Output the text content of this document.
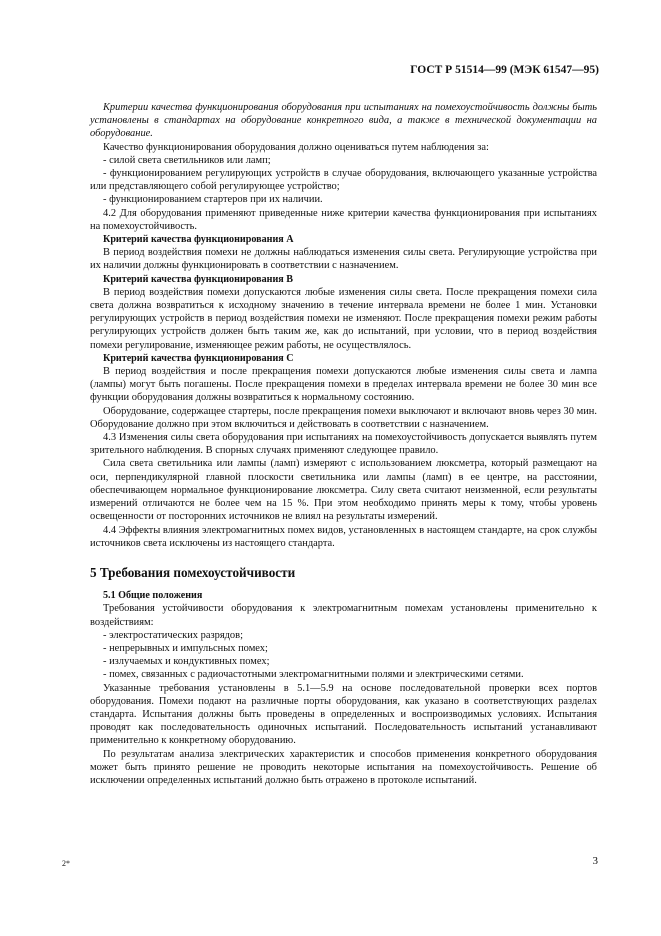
ГОСТ Р 51514—99 (МЭК 61547—95)

Критерии качества функционирования оборудования при испытаниях на помехоустойчивость должны быть установлены в стандартах на оборудование конкретного вида, а также в технической документации на оборудование.

Качество функционирования оборудования должно оцениваться путем наблюдения за:

- силой света светильников или ламп;

- функционированием регулирующих устройств в случае оборудования, включающего указанные устройства или представляющего собой регулирующее устройство;

- функционированием стартеров при их наличии.

4.2 Для оборудования применяют приведенные ниже критерии качества функционирования при испытаниях на помехоустойчивость.

Критерий качества функционирования А

В период воздействия помехи не должны наблюдаться изменения силы света. Регулирующие устройства при их наличии должны функционировать в соответствии с назначением.

Критерий качества функционирования В

В период воздействия помехи допускаются любые изменения силы света. После прекращения помехи сила света должна возвратиться к исходному значению в течение интервала времени не более 1 мин. Установки регулирующих устройств в период воздействия помехи не изменяют. После прекращения помехи режим работы регулирующих устройств должен быть таким же, как до испытаний, при условии, что в период воздействия помехи регулирование, изменяющее режим работы, не осуществлялось.

Критерий качества функционирования С

В период воздействия и после прекращения помехи допускаются любые изменения силы света и лампа (лампы) могут быть погашены. После прекращения помехи в пределах интервала времени не более 30 мин все функции оборудования должны возвратиться к нормальному состоянию.

Оборудование, содержащее стартеры, после прекращения помехи выключают и включают вновь через 30 мин. Оборудование должно при этом включиться и действовать в соответствии с назначением.

4.3 Изменения силы света оборудования при испытаниях на помехоустойчивость допускается выявлять путем зрительного наблюдения. В спорных случаях применяют следующее правило.

Сила света светильника или лампы (ламп) измеряют с использованием люксметра, который размещают на оси, перпендикулярной главной плоскости светильника или лампы (ламп) в ее центре, на расстоянии, обеспечивающем нормальное функционирование люксметра. Силу света считают неизменной, если результаты измерений отличаются не более чем на 15 %. При этом необходимо принять меры к тому, чтобы уровень освещенности от посторонних источников не влиял на результаты измерений.

4.4 Эффекты влияния электромагнитных помех видов, установленных в настоящем стандарте, на срок службы источников света исключены из настоящего стандарта.

5 Требования помехоустойчивости

5.1 Общие положения

Требования устойчивости оборудования к электромагнитным помехам установлены применительно к воздействиям:

- электростатических разрядов;

- непрерывных и импульсных помех;

- излучаемых и кондуктивных помех;

- помех, связанных с радиочастотными электромагнитными полями и электрическими сетями.

Указанные требования установлены в 5.1—5.9 на основе последовательной проверки всех портов оборудования. Помехи подают на различные порты оборудования, как указано в соответствующих разделах стандарта. Испытания должны быть проведены в определенных и воспроизводимых условиях. Испытания проводят как последовательность одиночных испытаний. Последовательность испытаний устанавливают применительно к конкретному оборудованию.

По результатам анализа электрических характеристик и способов применения конкретного оборудования может быть принято решение не проводить некоторые испытания на помехоустойчивость. Решение об исключении определенных испытаний должно быть отражено в протоколе испытаний.

2*	3
